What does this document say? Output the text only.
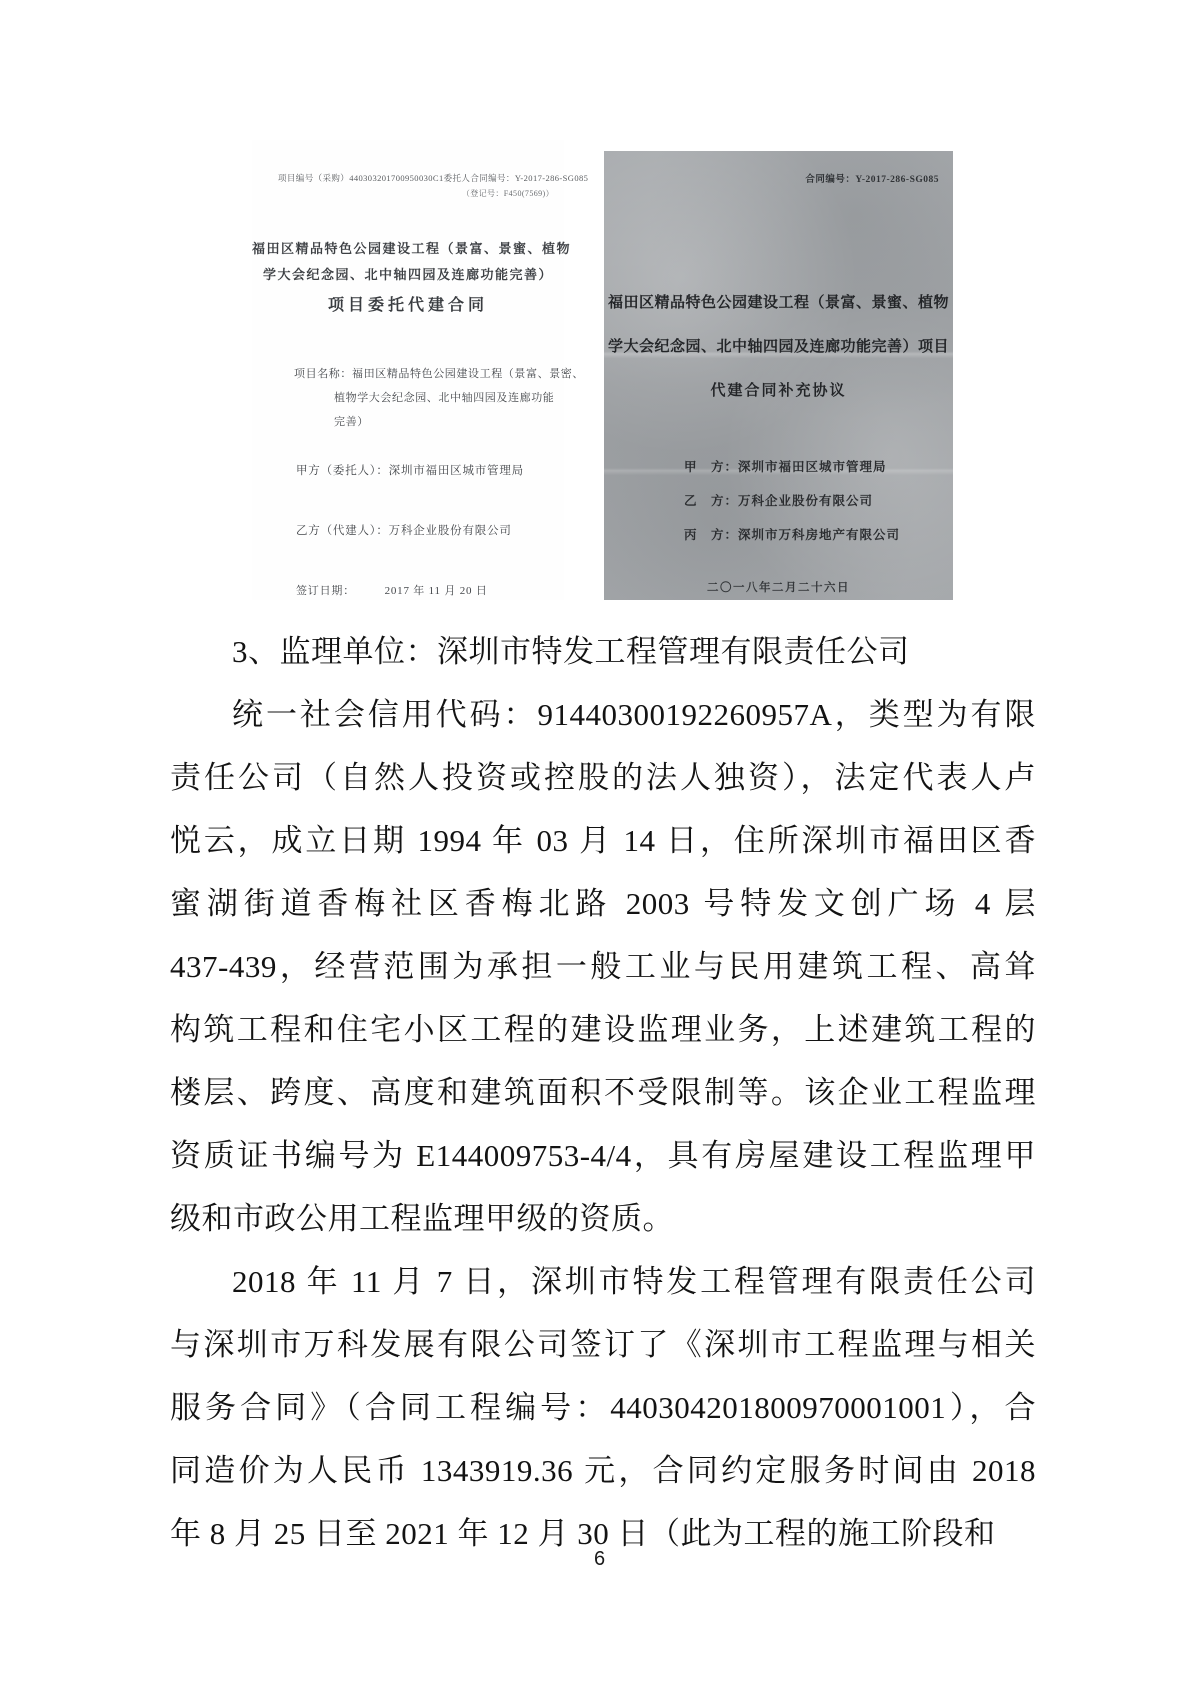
项目编号（采购）440303201700950030C1 委托人合同编号：Y-2017-286-SG085
（登记号：F450(7569)）
福田区精品特色公园建设工程（景富、景蜜、植物
学大会纪念园、北中轴四园及连廊功能完善）
项目委托代建合同
项目名称：福田区精品特色公园建设工程（景富、景密、
植物学大会纪念园、北中轴四园及连廊功能
完善）
甲方（委托人）：深圳市福田区城市管理局
乙方（代建人）：万科企业股份有限公司
签订日期：	2017 年 11 月 20 日
合同编号：Y-2017-286-SG085
福田区精品特色公园建设工程（景富、景蜜、植物
学大会纪念园、北中轴四园及连廊功能完善）项目
代建合同补充协议
甲　方：深圳市福田区城市管理局
乙　方：万科企业股份有限公司
丙　方：深圳市万科房地产有限公司
二〇一八年二月二十六日
3、监理单位：深圳市特发工程管理有限责任公司
统一社会信用代码：91440300192260957A，类型为有限
责任公司（自然人投资或控股的法人独资），法定代表人卢
悦云，成立日期 1994 年 03 月 14 日，住所深圳市福田区香
蜜湖街道香梅社区香梅北路 2003 号特发文创广场 4 层
437-439，经营范围为承担一般工业与民用建筑工程、高耸
构筑工程和住宅小区工程的建设监理业务，上述建筑工程的
楼层、跨度、高度和建筑面积不受限制等。该企业工程监理
资质证书编号为 E144009753-4/4，具有房屋建设工程监理甲
级和市政公用工程监理甲级的资质。
2018 年 11 月 7 日，深圳市特发工程管理有限责任公司
与深圳市万科发展有限公司签订了《深圳市工程监理与相关
服务合同》（合同工程编号：440304201800970001001），合
同造价为人民币 1343919.36 元，合同约定服务时间由 2018
年 8 月 25 日至 2021 年 12 月 30 日（此为工程的施工阶段和
6
